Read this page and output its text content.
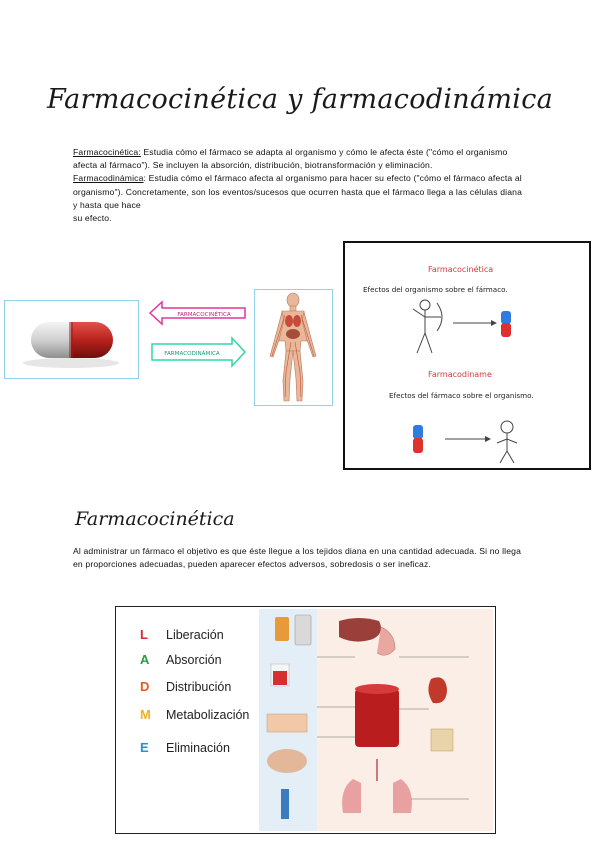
Farmacocinética y farmacodinámica

Farmacocinética: Estudia cómo el fármaco se adapta al organismo y cómo le afecta éste ("cómo el organismo afecta al fármaco"). Se incluyen la absorción, distribución, biotransformación y eliminación.

Farmacodinámica: Estudia cómo el fármaco afecta al organismo para hacer su efecto ("cómo el fármaco afecta al organismo"). Concretamente, son los eventos/sucesos que ocurren hasta que el fármaco llega a las células diana y hasta que hace

su efecto.

FARMACOCINÉTICA
FARMACODINÁMICA
Farmacocinética
Efectos del organismo sobre el fármaco.
Farmacodiname
Efectos del fármaco sobre el organismo.
Farmacocinética
Al administrar un fármaco el objetivo es que éste llegue a los tejidos diana en una cantidad adecuada. Si no llega en proporciones adecuadas, pueden aparecer efectos adversos, sobredosis o ser ineficaz.
L	Liberación
A	Absorción
D	Distribución
M	Metabolización
E	Eliminación
